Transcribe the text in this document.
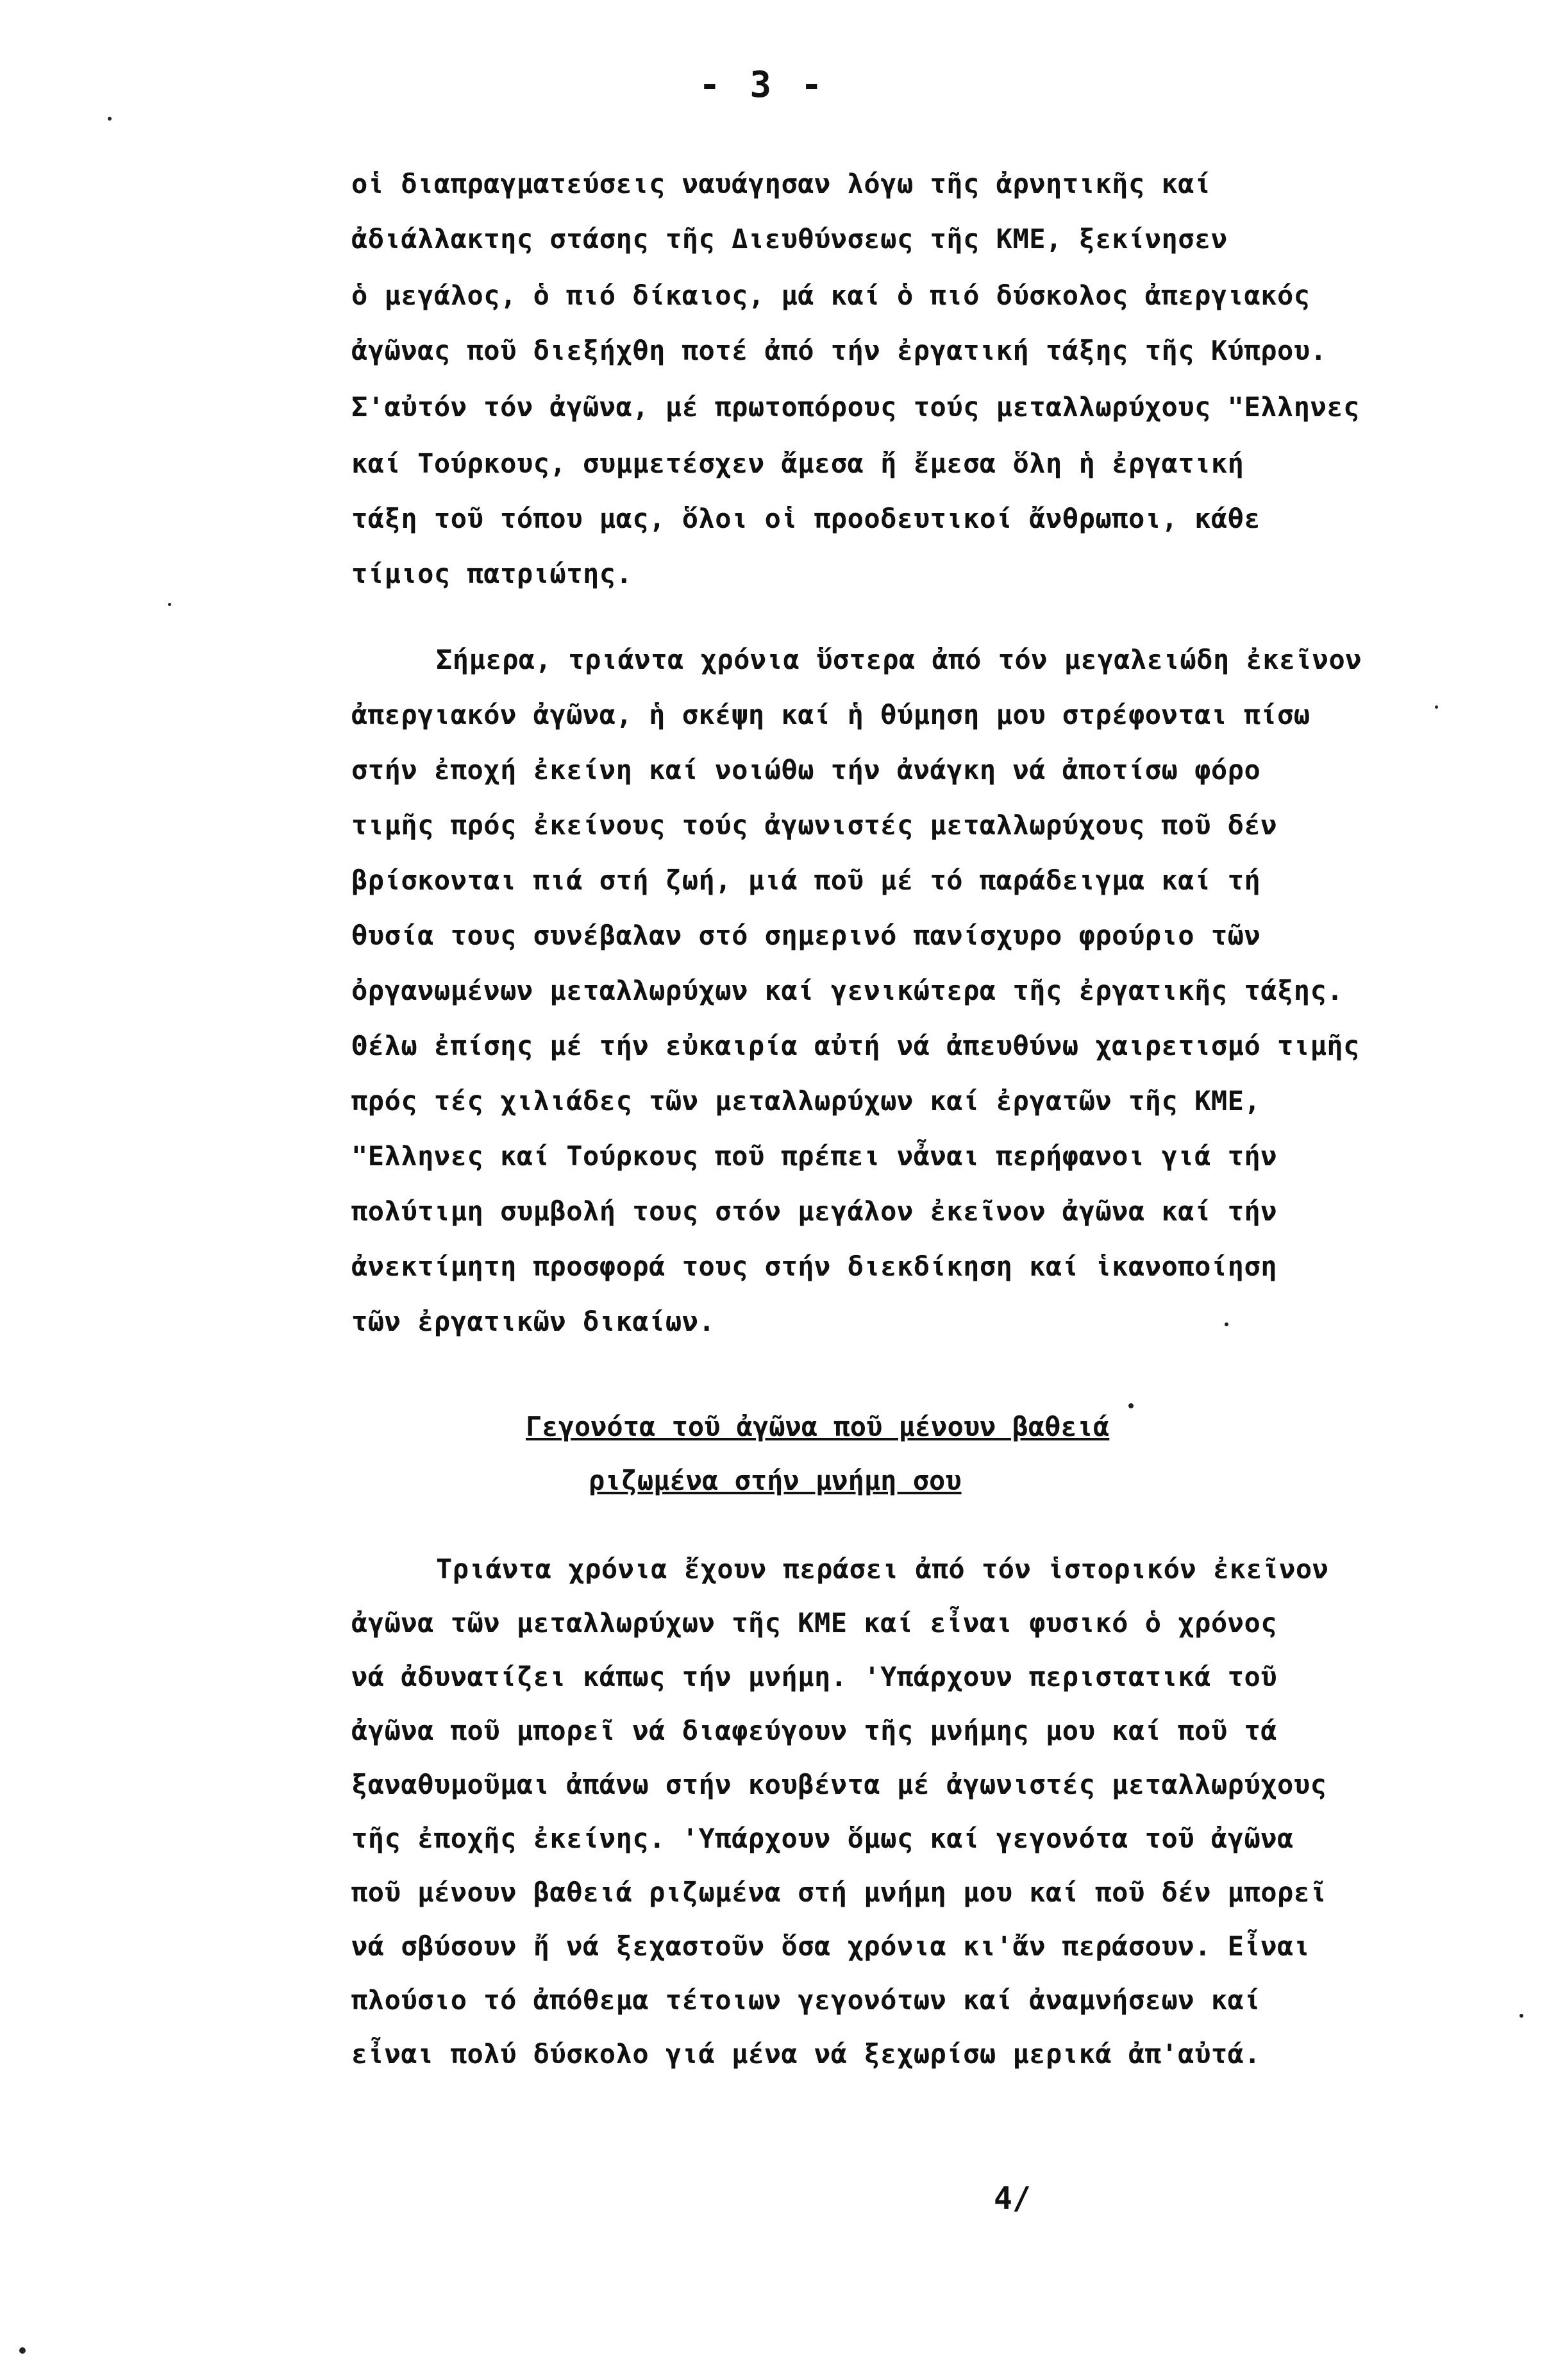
- 3 -
οἱ διαπραγματεύσεις ναυάγησαν λόγω τῆς ἀρνητικῆς καί
ἀδιάλλακτης στάσης τῆς Διευθύνσεως τῆς ΚΜΕ, ξεκίνησεν
ὁ μεγάλος, ὁ πιό δίκαιος, μά καί ὁ πιό δύσκολος ἀπεργιακός
ἀγῶνας ποῦ διεξήχθη ποτέ ἀπό τήν ἐργατική τάξης τῆς Κύπρου.
Σ'αὐτόν τόν ἀγῶνα, μέ πρωτοπόρους τούς μεταλλωρύχους "Ελληνες
καί Τούρκους, συμμετέσχεν ἄμεσα ἤ ἔμεσα ὅλη ἡ ἐργατική
τάξη τοῦ τόπου μας, ὅλοι οἱ προοδευτικοί ἄνθρωποι, κάθε
τίμιος πατριώτης.
Σήμερα, τριάντα χρόνια ὕστερα ἀπό τόν μεγαλειώδη ἐκεῖνον
ἀπεργιακόν ἀγῶνα, ἡ σκέψη καί ἡ θύμηση μου στρέφονται πίσω
στήν ἐποχή ἐκείνη καί νοιώθω τήν ἀνάγκη νά ἀποτίσω φόρο
τιμῆς πρός ἐκείνους τούς ἀγωνιστές μεταλλωρύχους ποῦ δέν
βρίσκονται πιά στή ζωή, μιά ποῦ μέ τό παράδειγμα καί τή
θυσία τους συνέβαλαν στό σημερινό πανίσχυρο φρούριο τῶν
ὀργανωμένων μεταλλωρύχων καί γενικώτερα τῆς ἐργατικῆς τάξης.
Θέλω ἐπίσης μέ τήν εὐκαιρία αὐτή νά ἀπευθύνω χαιρετισμό τιμῆς
πρός τές χιλιάδες τῶν μεταλλωρύχων καί ἐργατῶν τῆς ΚΜΕ,
"Ελληνες καί Τούρκους ποῦ πρέπει νἆναι περήφανοι γιά τήν
πολύτιμη συμβολή τους στόν μεγάλον ἐκεῖνον ἀγῶνα καί τήν
ἀνεκτίμητη προσφορά τους στήν διεκδίκηση καί ἱκανοποίηση
τῶν ἐργατικῶν δικαίων.
Γεγονότα τοῦ ἀγῶνα ποῦ μένουν βαθειά
ριζωμένα στήν μνήμη σου
Τριάντα χρόνια ἔχουν περάσει ἀπό τόν ἱστορικόν ἐκεῖνον
ἀγῶνα τῶν μεταλλωρύχων τῆς ΚΜΕ καί εἶναι φυσικό ὁ χρόνος
νά ἀδυνατίζει κάπως τήν μνήμη. 'Υπάρχουν περιστατικά τοῦ
ἀγῶνα ποῦ μπορεῖ νά διαφεύγουν τῆς μνήμης μου καί ποῦ τά
ξαναθυμοῦμαι ἀπάνω στήν κουβέντα μέ ἀγωνιστές μεταλλωρύχους
τῆς ἐποχῆς ἐκείνης. 'Υπάρχουν ὅμως καί γεγονότα τοῦ ἀγῶνα
ποῦ μένουν βαθειά ριζωμένα στή μνήμη μου καί ποῦ δέν μπορεῖ
νά σβύσουν ἤ νά ξεχαστοῦν ὅσα χρόνια κι'ἄν περάσουν. Εἶναι
πλούσιο τό ἀπόθεμα τέτοιων γεγονότων καί ἀναμνήσεων καί
εἶναι πολύ δύσκολο γιά μένα νά ξεχωρίσω μερικά ἀπ'αὐτά.
4/
